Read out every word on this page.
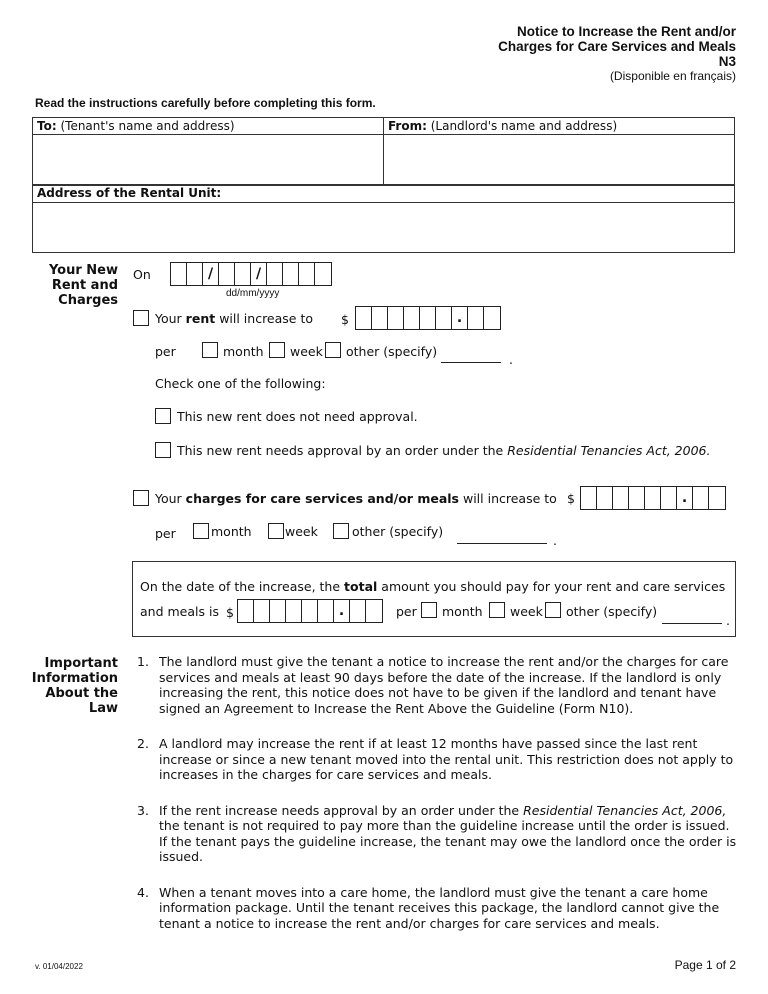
Notice to Increase the Rent and/or
Charges for Care Services and Meals
N3
(Disponible en français)
Read the instructions carefully before completing this form.
To: (Tenant's name and address)	From: (Landlord's name and address)
Address of the Rental Unit:
Your New
Rent and
Charges
On	/	/
dd/mm/yyyy
Your rent will increase to $	.
per	month week other (specify)
.
Check one of the following:
This new rent does not need approval.
This new rent needs approval by an order under the Residential Tenancies Act, 2006.
Your charges for care services and/or meals will increase to $	.
per	month	week	other (specify)
.
On the date of the increase, the total amount you should pay for your rent and care services
and meals is $	.	per month week other (specify)
.
Important
Information
About the
Law
1. The landlord must give the tenant a notice to increase the rent and/or the charges for care services and meals at least 90 days before the date of the increase. If the landlord is only increasing the rent, this notice does not have to be given if the landlord and tenant have signed an Agreement to Increase the Rent Above the Guideline (Form N10).
2. A landlord may increase the rent if at least 12 months have passed since the last rent increase or since a new tenant moved into the rental unit. This restriction does not apply to increases in the charges for care services and meals.
3. If the rent increase needs approval by an order under the Residential Tenancies Act, 2006, the tenant is not required to pay more than the guideline increase until the order is issued. If the tenant pays the guideline increase, the tenant may owe the landlord once the order is issued.
4. When a tenant moves into a care home, the landlord must give the tenant a care home information package. Until the tenant receives this package, the landlord cannot give the tenant a notice to increase the rent and/or charges for care services and meals.
v. 01/04/2022	Page 1 of 2
